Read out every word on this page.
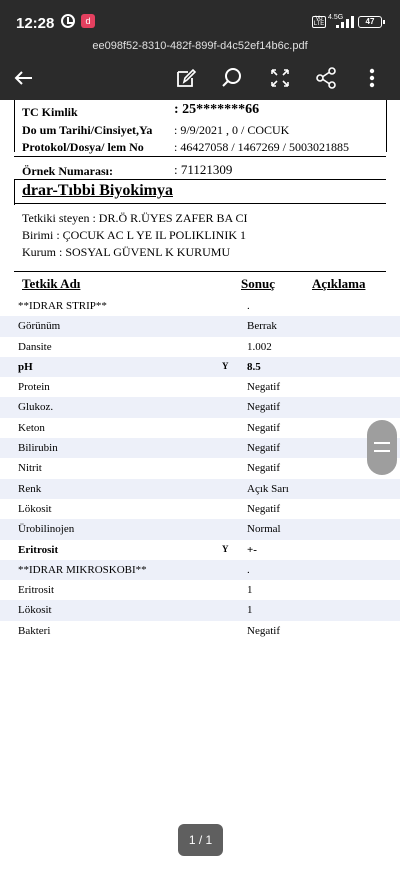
12:28	d	Vo LTE
4.5G	47
ee098f52-8310-482f-899f-d4c52ef14b6c.pdf
TC Kimlik	: 25*******66
Do um Tarihi/Cinsiyet,Ya : 9/9/2021 , 0 / COCUK
Protokol/Dosya/ lem No	: 46427058 / 1467269 / 5003021885
Örnek Numarası:	: 71121309
drar-Tıbbi Biyokimya
Tetkiki steyen : DR.Ö R.ÜYES ZAFER BA CI
Birimi : ÇOCUK AC L YE IL POLIKLINIK 1
Kurum : SOSYAL GÜVENL K KURUMU
Tetkik Adı	Sonuç	Açıklama
**IDRAR STRIP**	.
Görünüm	Berrak
Dansite	1.002
pH	Y 8.5
Protein	Negatif
Glukoz.	Negatif
Keton	Negatif
Bilirubin	Negatif
Nitrit	Negatif
Renk	Açık Sarı
Lökosit	Negatif
Ürobilinojen	Normal
Eritrosit	Y +-
**IDRAR MIKROSKOBI**	.
Eritrosit	1
Lökosit	1
Bakteri	Negatif
1 / 1
